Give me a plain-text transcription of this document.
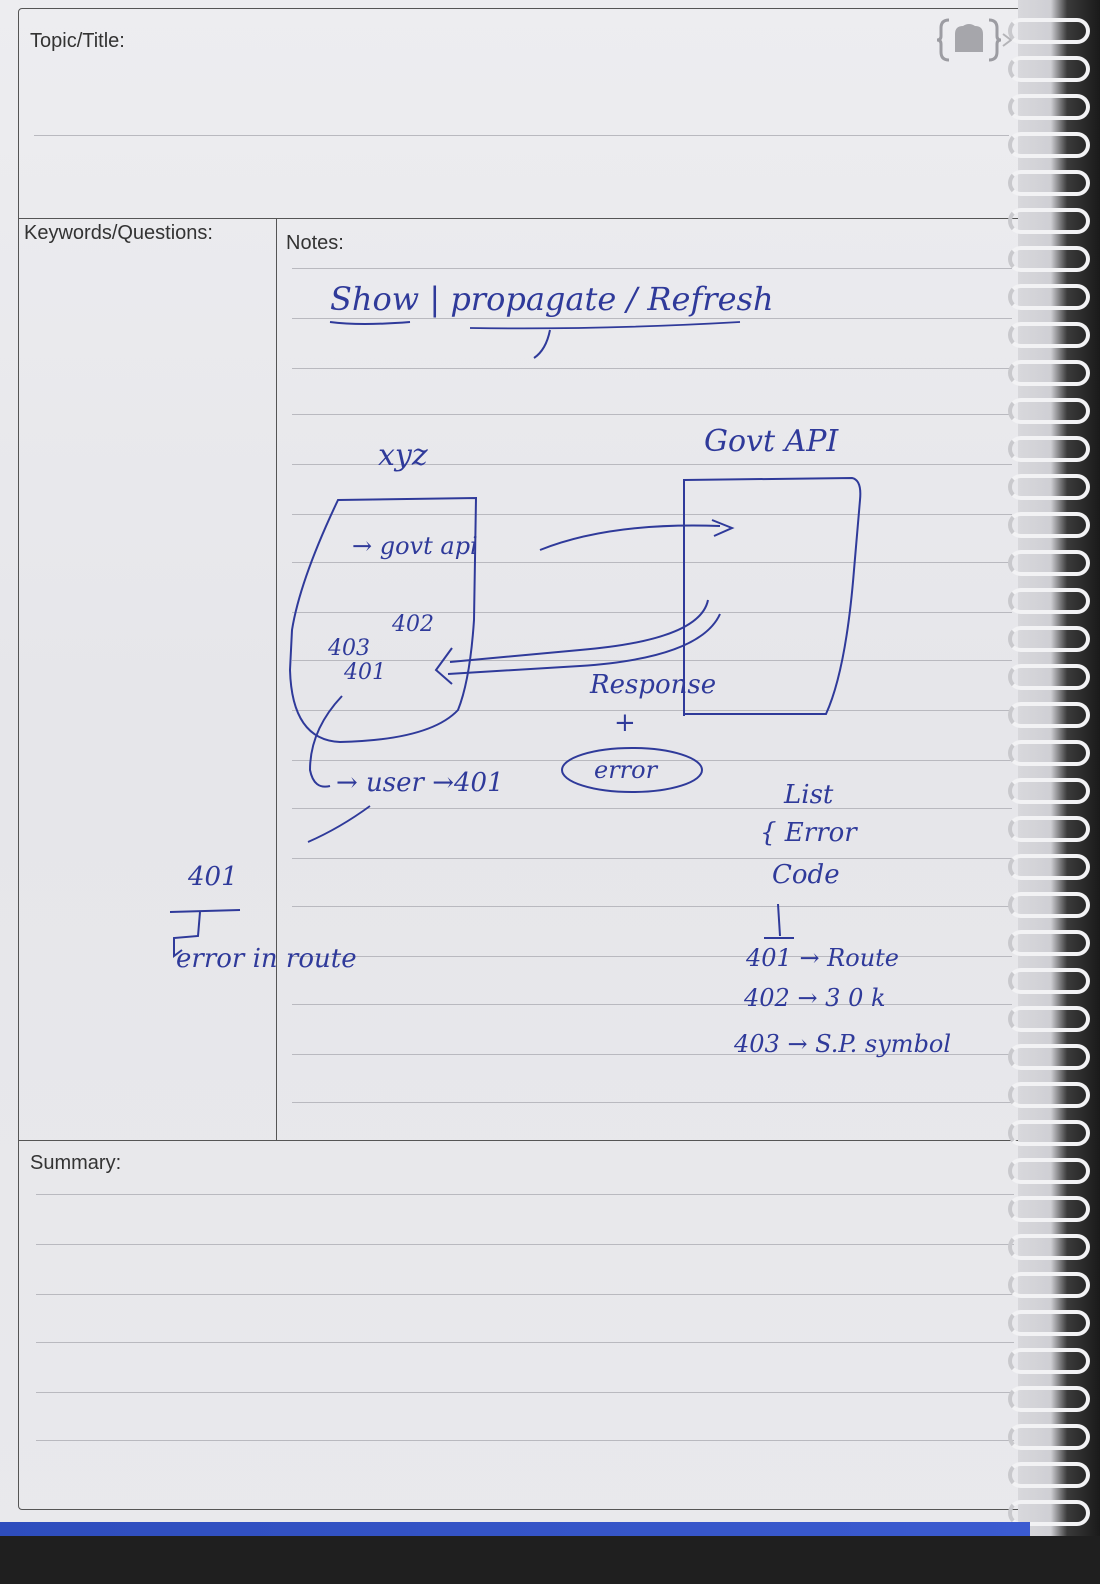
Topic/Title:
Keywords/Questions:	Notes:
Summary:
Show | propagate / Refresh
xyz	Govt API
→ govt api
402
403
401	Response
+
error
→ user →401
401
error in route
List
{ Error
Code
401 → Route
402 → 3 0 k
403 → S.P. symbol
